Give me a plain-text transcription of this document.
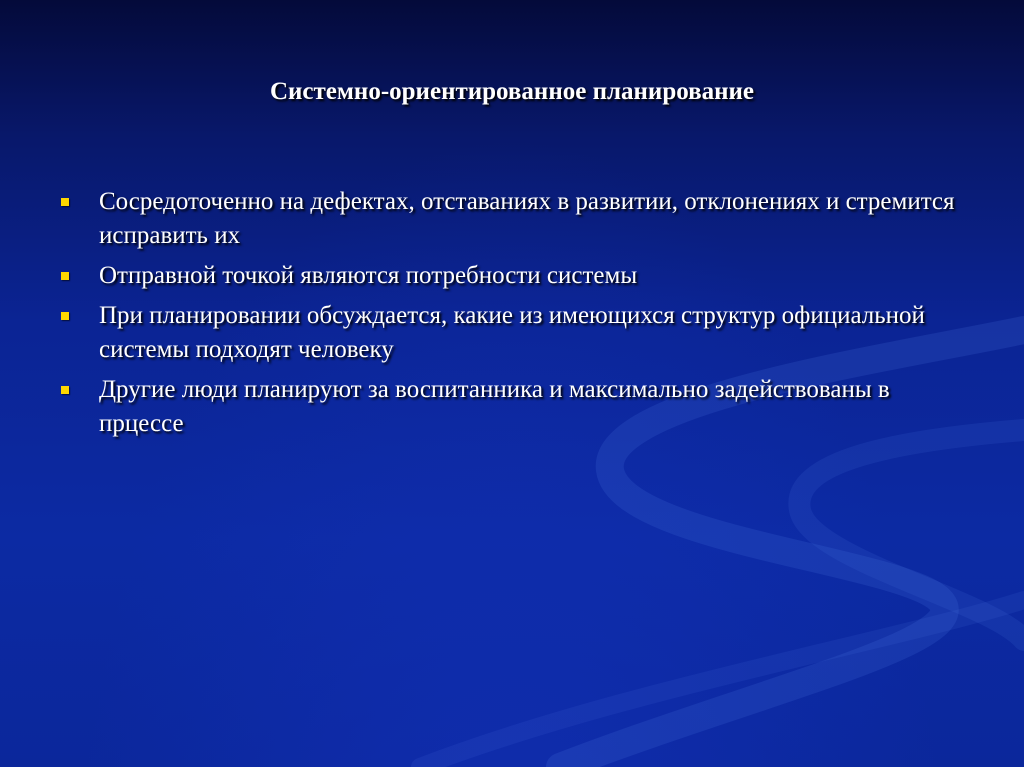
Системно-ориентированное планирование
Сосредоточенно на дефектах, отставаниях в развитии, отклонениях и стремится исправить их
Отправной точкой являются потребности системы
При планировании обсуждается, какие из имеющихся структур официальной системы подходят человеку
Другие люди планируют за воспитанника и максимально задействованы в прцессе
